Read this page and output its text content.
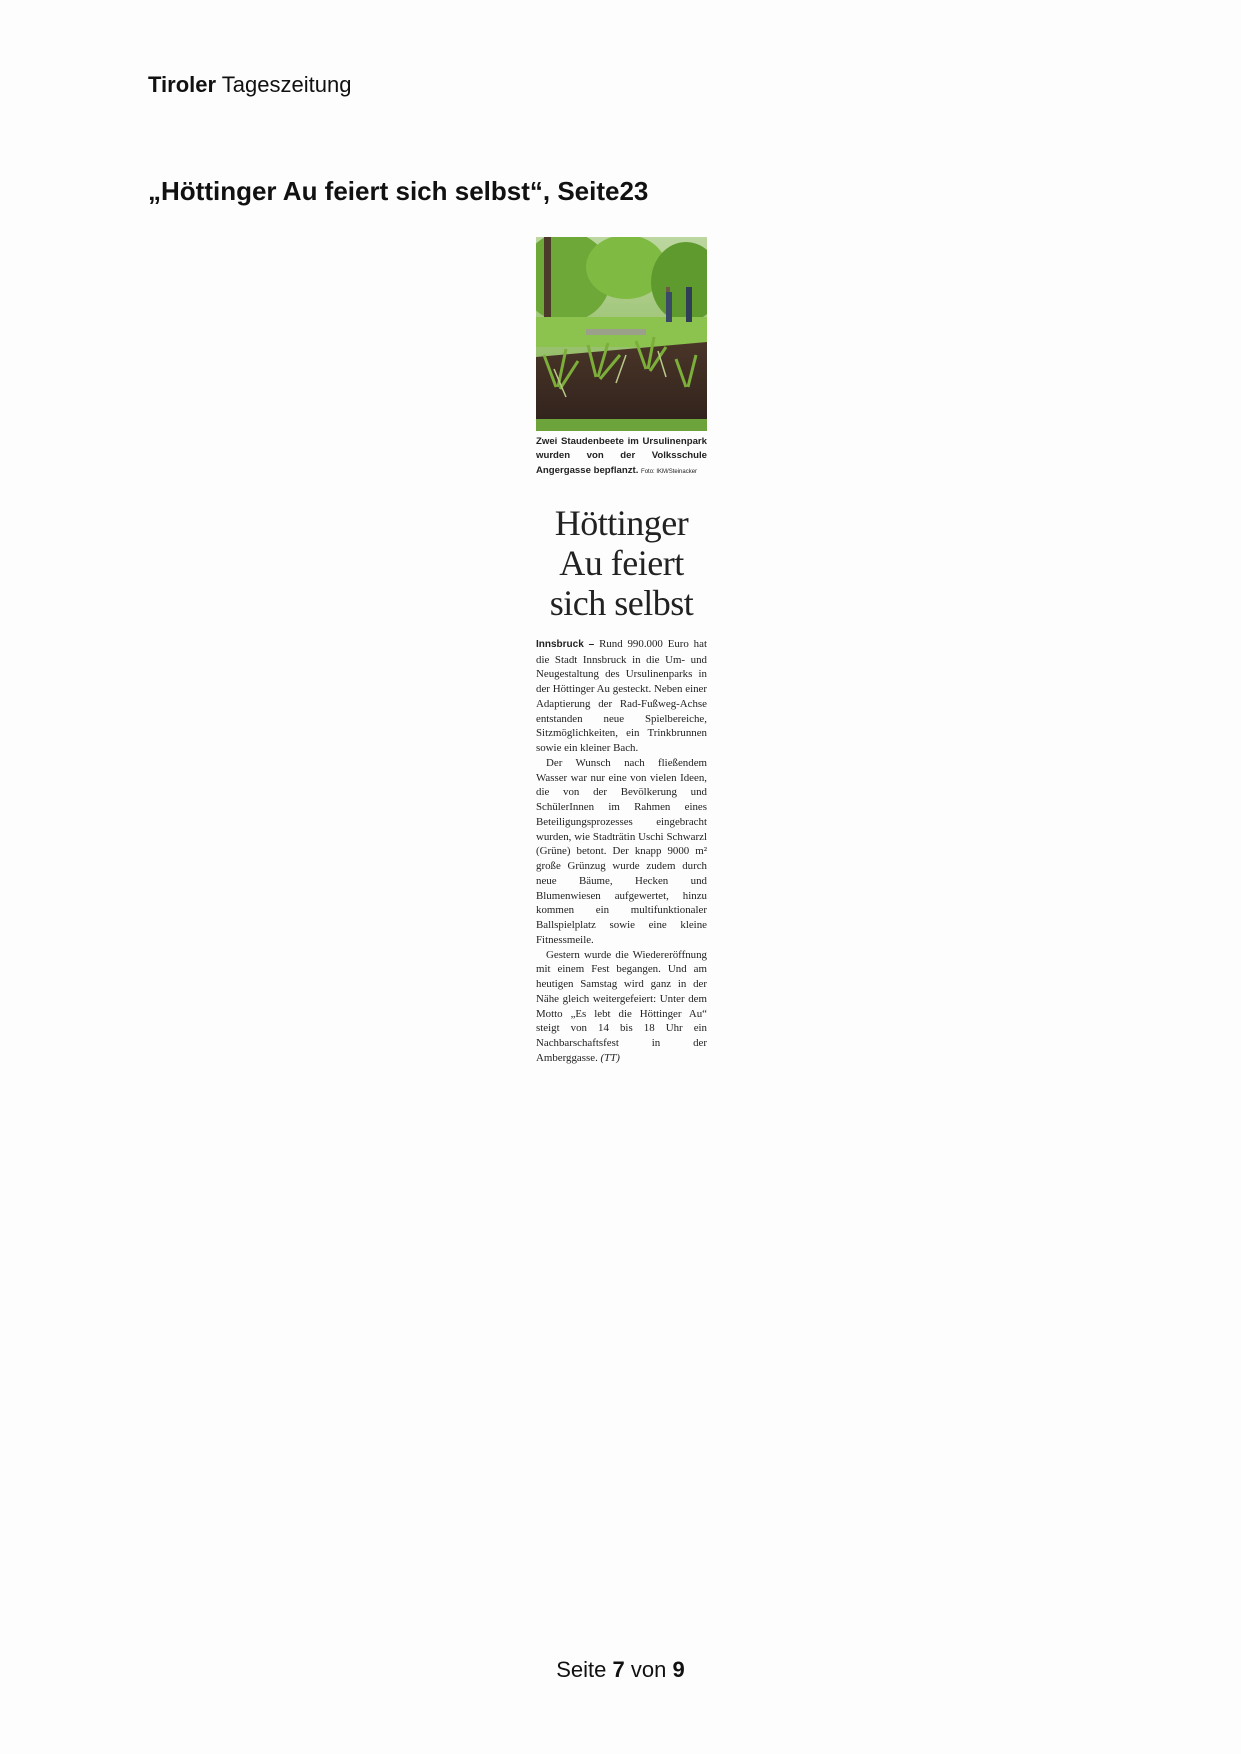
Tiroler Tageszeitung
„Höttinger Au feiert sich selbst“, Seite23
Zwei Staudenbeete im Ursulinenpark wurden von der Volksschule Angergasse bepflanzt. Foto: IKM/Steinacker
Höttinger
Au feiert
sich selbst

Innsbruck – Rund 990.000 Euro hat die Stadt Innsbruck in die Um- und Neugestaltung des Ursulinenparks in der Höttinger Au gesteckt. Neben einer Adaptierung der Rad-Fußweg-Achse entstanden neue Spielbereiche, Sitzmöglichkeiten, ein Trinkbrunnen sowie ein kleiner Bach.

Der Wunsch nach fließendem Wasser war nur eine von vielen Ideen, die von der Bevölkerung und SchülerInnen im Rahmen eines Beteiligungsprozesses eingebracht wurden, wie Stadträtin Uschi Schwarzl (Grüne) betont. Der knapp 9000 m² große Grünzug wurde zudem durch neue Bäume, Hecken und Blumenwiesen aufgewertet, hinzu kommen ein multifunktionaler Ballspielplatz sowie eine kleine Fitnessmeile.

Gestern wurde die Wiedereröffnung mit einem Fest begangen. Und am heutigen Samstag wird ganz in der Nähe gleich weitergefeiert: Unter dem Motto „Es lebt die Höttinger Au“ steigt von 14 bis 18 Uhr ein Nachbarschaftsfest in der Amberggasse. (TT)

Seite 7 von 9
